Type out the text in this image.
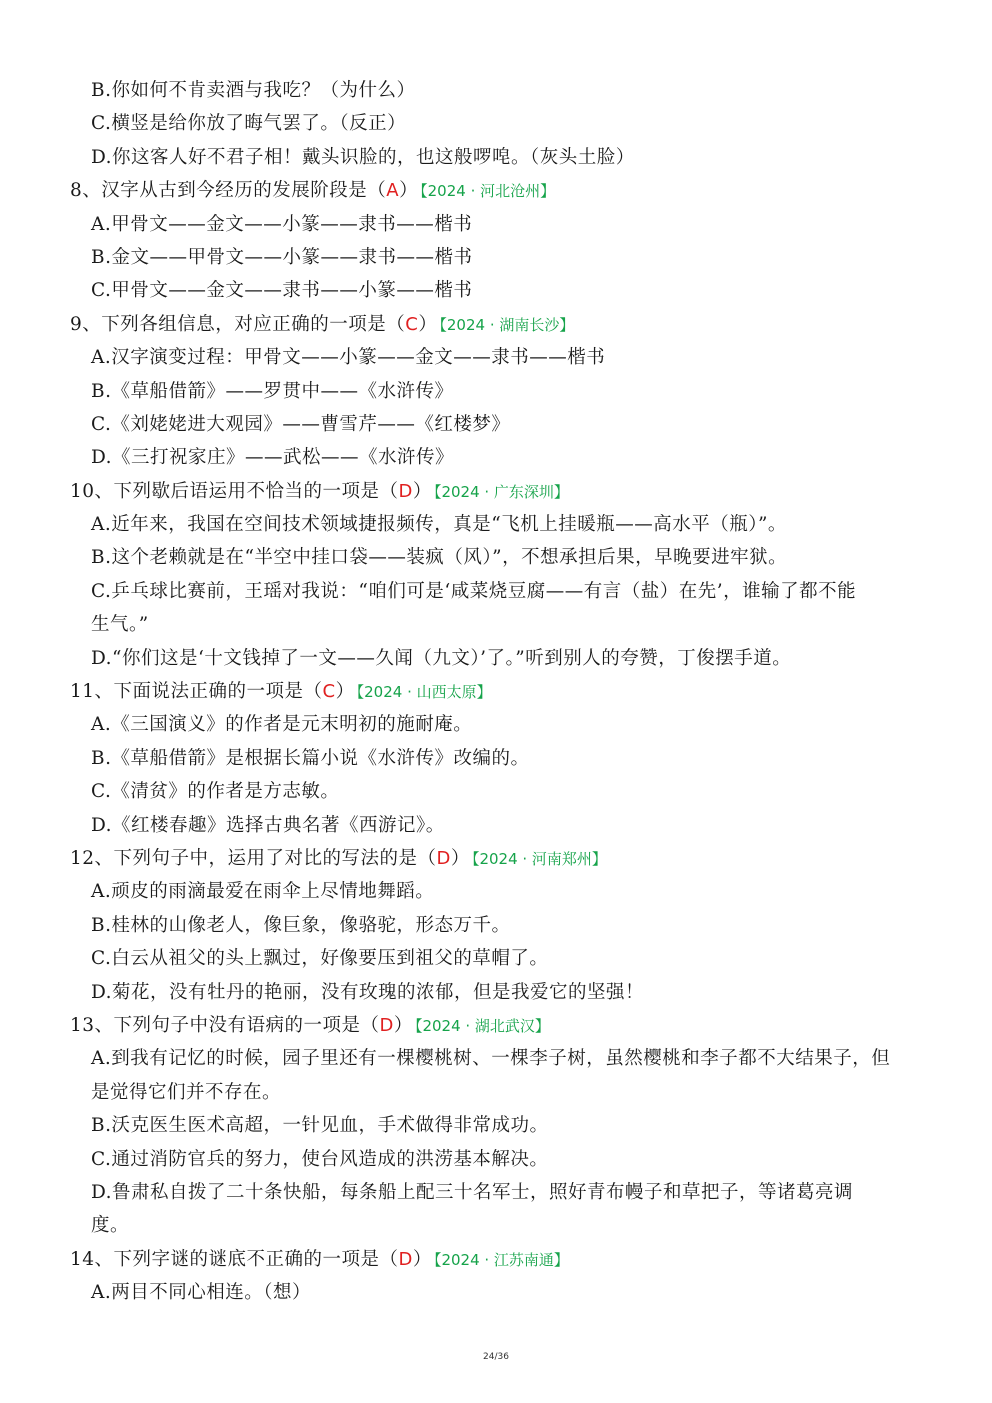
B.你如何不肯卖酒与我吃？（为什么）
C.横竖是给你放了晦气罢了。（反正）
D.你这客人好不君子相！戴头识脸的，也这般啰唣。（灰头土脸）
8、汉字从古到今经历的发展阶段是（A） 【2024 · 河北沧州】
A.甲骨文——金文——小篆——隶书——楷书
B.金文——甲骨文——小篆——隶书——楷书
C.甲骨文——金文——隶书——小篆——楷书
9、下列各组信息，对应正确的一项是（C） 【2024 · 湖南长沙】
A.汉字演变过程：甲骨文——小篆——金文——隶书——楷书
B.《草船借箭》——罗贯中——《水浒传》
C.《刘姥姥进大观园》——曹雪芹——《红楼梦》
D.《三打祝家庄》——武松——《水浒传》
10、下列歇后语运用不恰当的一项是（D） 【2024 · 广东深圳】
A.近年来，我国在空间技术领域捷报频传，真是“飞机上挂暖瓶——高水平（瓶）”。
B.这个老赖就是在“半空中挂口袋——装疯（风）”，不想承担后果，早晚要进牢狱。
C.乒乓球比赛前，王瑶对我说：“咱们可是‘咸菜烧豆腐——有言（盐）在先’，谁输了都不能
生气。”
D.“你们这是‘十文钱掉了一文——久闻（九文）’了。”听到别人的夸赞，丁俊摆手道。
11、下面说法正确的一项是（C） 【2024 · 山西太原】
A.《三国演义》的作者是元末明初的施耐庵。
B.《草船借箭》是根据长篇小说《水浒传》改编的。
C.《清贫》的作者是方志敏。
D.《红楼春趣》选择古典名著《西游记》。
12、下列句子中，运用了对比的写法的是（D） 【2024 · 河南郑州】
A.顽皮的雨滴最爱在雨伞上尽情地舞蹈。
B.桂林的山像老人，像巨象，像骆驼，形态万千。
C.白云从祖父的头上飘过，好像要压到祖父的草帽了。
D.菊花，没有牡丹的艳丽，没有玫瑰的浓郁，但是我爱它的坚强！
13、下列句子中没有语病的一项是（D） 【2024 · 湖北武汉】
A.到我有记忆的时候，园子里还有一棵樱桃树、一棵李子树，虽然樱桃和李子都不大结果子，但
是觉得它们并不存在。
B.沃克医生医术高超，一针见血，手术做得非常成功。
C.通过消防官兵的努力，使台风造成的洪涝基本解决。
D.鲁肃私自拨了二十条快船，每条船上配三十名军士，照好青布幔子和草把子，等诸葛亮调
度。
14、下列字谜的谜底不正确的一项是（D） 【2024 · 江苏南通】
A.两目不同心相连。（想）
24/36
